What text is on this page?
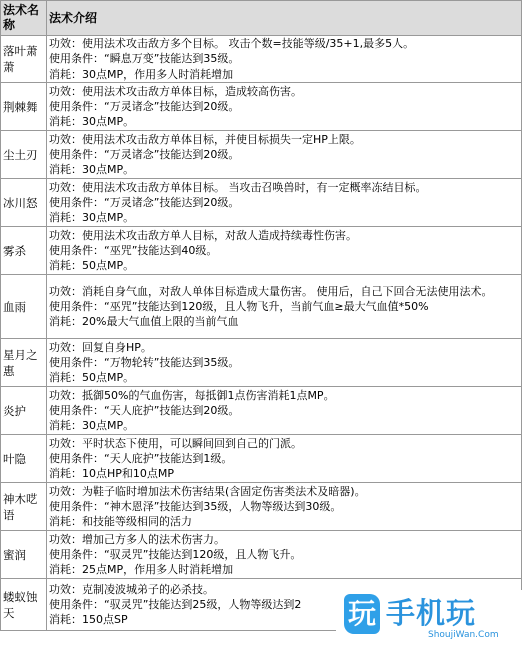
法术名称	法术介绍
落叶萧萧	功效：使用法术攻击敌方多个目标。 攻击个数=技能等级/35+1,最多5人。
使用条件：“瞬息万变”技能达到35级。
消耗：30点MP，作用多人时消耗增加

荆棘舞	功效：使用法术攻击敌方单体目标，造成较高伤害。
使用条件：“万灵诸念”技能达到20级。
消耗：30点MP。

尘土刃	功效：使用法术攻击敌方单体目标，并使目标损失一定HP上限。
使用条件：“万灵诸念”技能达到20级。
消耗：30点MP。

冰川怒	功效：使用法术攻击敌方单体目标。 当攻击召唤兽时，有一定概率冻结目标。
使用条件：“万灵诸念”技能达到20级。
消耗：30点MP。

雾杀	功效：使用法术攻击敌方单人目标，对敌人造成持续毒性伤害。
使用条件：“巫咒”技能达到40级。
消耗：50点MP。

血雨	功效：消耗自身气血，对敌人单体目标造成大量伤害。 使用后，自己下回合无法使用法术。
使用条件：“巫咒”技能达到120级，且人物飞升，当前气血≥最大气血值*50%
消耗：20%最大气血值上限的当前气血

星月之惠	功效：回复自身HP。
使用条件：“万物轮转”技能达到35级。
消耗：50点MP。

炎护	功效：抵御50%的气血伤害，每抵御1点伤害消耗1点MP。
使用条件：“天人庇护”技能达到20级。
消耗：30点MP。

叶隐	功效：平时状态下使用，可以瞬间回到自己的门派。
使用条件：“天人庇护”技能达到1级。
消耗：10点HP和10点MP

神木呓语	功效：为鞋子临时增加法术伤害结果(含固定伤害类法术及暗器)。
使用条件：“神木恩泽”技能达到35级，人物等级达到30级。
消耗：和技能等级相同的活力

蜜润	功效：增加己方多人的法术伤害力。
使用条件：“驭灵咒”技能达到120级，且人物飞升。
消耗：25点MP，作用多人时消耗增加

蝼蚁蚀天	功效：克制凌波城弟子的必杀技。
使用条件：“驭灵咒”技能达到25级，人物等级达到2
消耗：150点SP	玩 手机玩
ShoujiWan.Com
